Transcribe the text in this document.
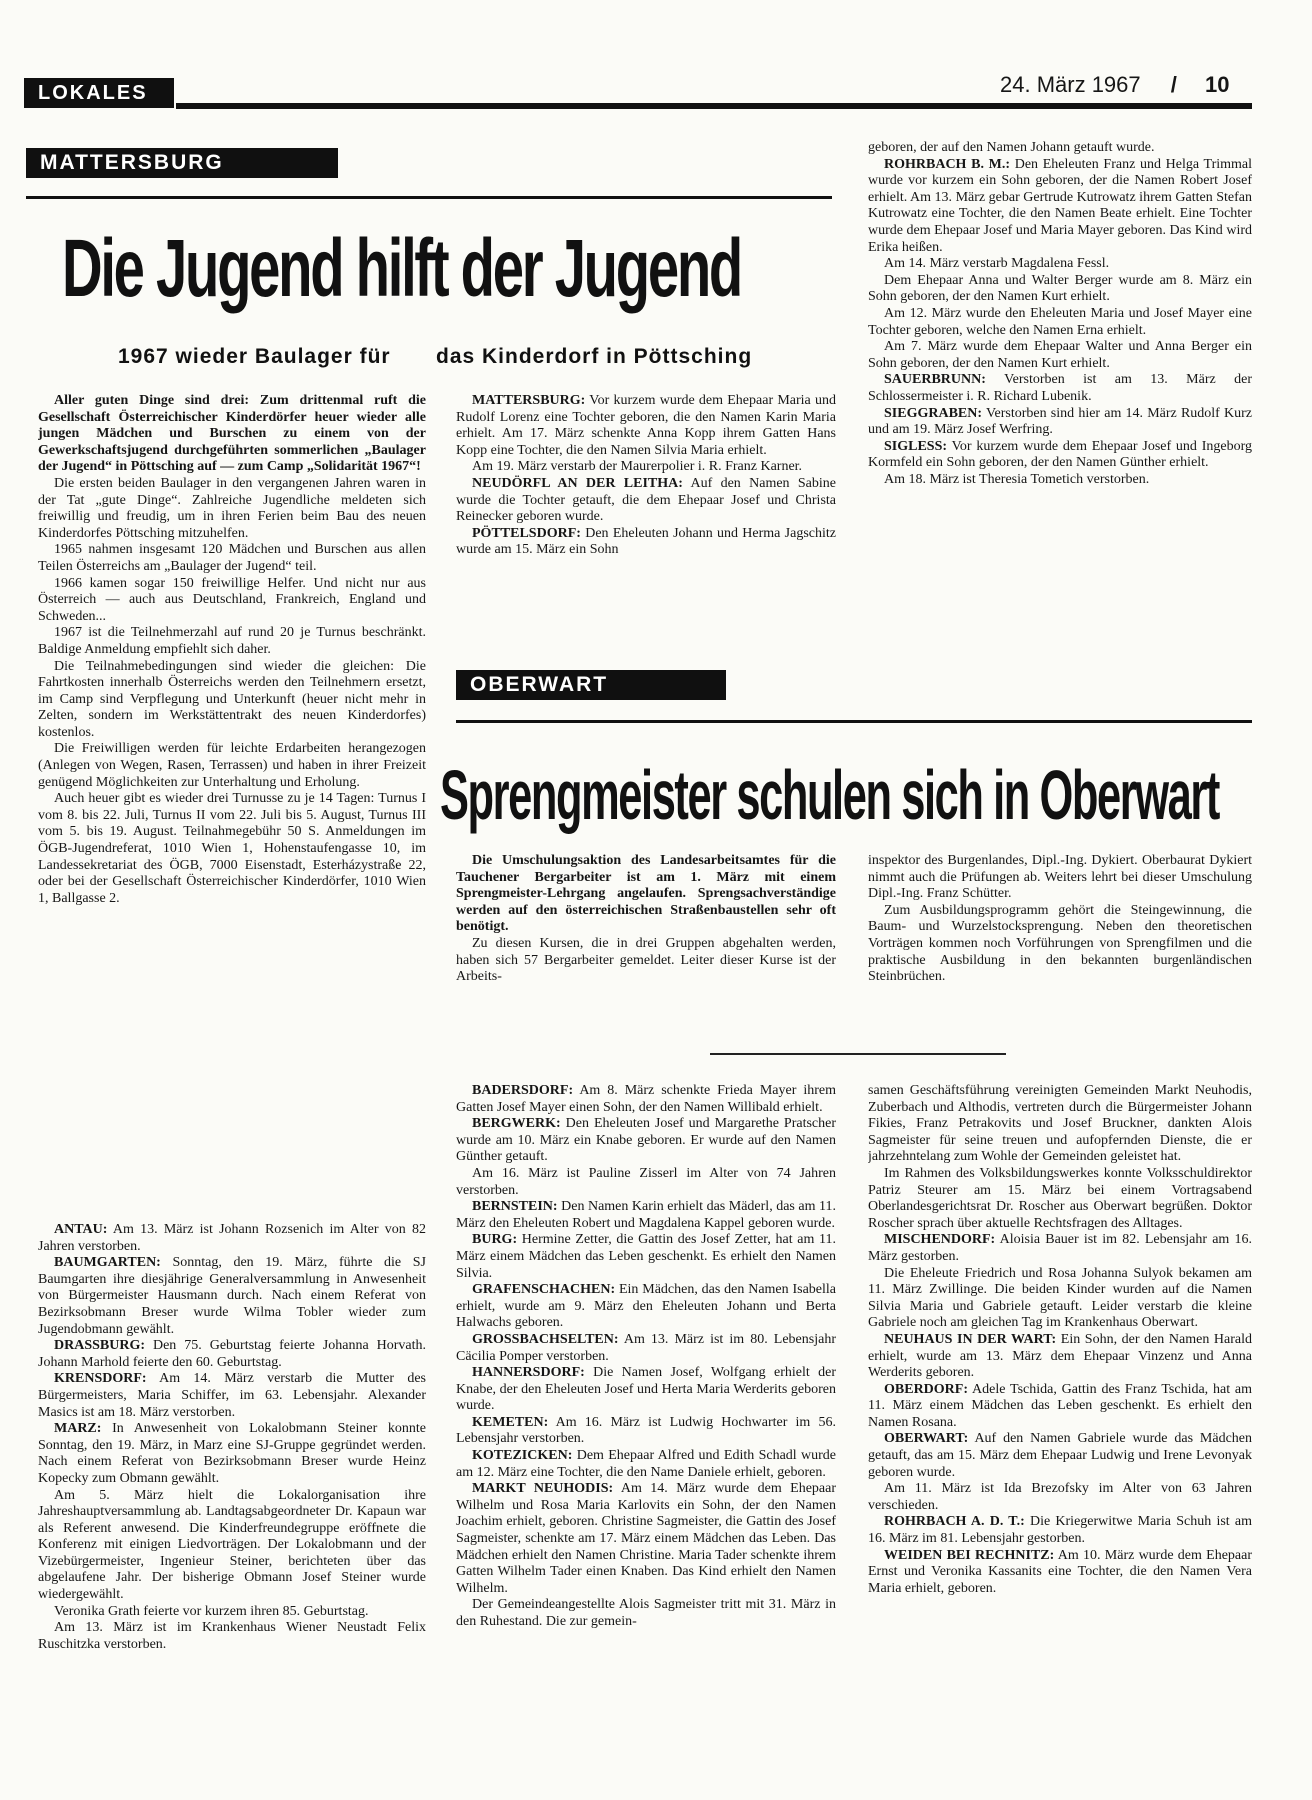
LOKALES	24. März 1967 / 10
MATTERSBURG
Die Jugend hilft der Jugend
1967 wieder Baulager für das Kinderdorf in Pöttsching

Aller guten Dinge sind drei: Zum drittenmal ruft die Gesellschaft Österreichischer Kinderdörfer heuer wieder alle jungen Mädchen und Burschen zu einem von der Gewerkschaftsjugend durchgeführten sommerlichen „Baulager der Jugend“ in Pöttsching auf — zum Camp „Solidarität 1967“!

Die ersten beiden Baulager in den vergangenen Jahren waren in der Tat „gute Dinge“. Zahlreiche Jugendliche meldeten sich freiwillig und freudig, um in ihren Ferien beim Bau des neuen Kinderdorfes Pöttsching mitzuhelfen.

1965 nahmen insgesamt 120 Mädchen und Burschen aus allen Teilen Österreichs am „Baulager der Jugend“ teil.

1966 kamen sogar 150 freiwillige Helfer. Und nicht nur aus Österreich — auch aus Deutschland, Frankreich, England und Schweden...

1967 ist die Teilnehmerzahl auf rund 20 je Turnus beschränkt. Baldige Anmeldung empfiehlt sich daher.

Die Teilnahmebedingungen sind wieder die gleichen: Die Fahrtkosten innerhalb Österreichs werden den Teilnehmern ersetzt, im Camp sind Verpflegung und Unterkunft (heuer nicht mehr in Zelten, sondern im Werkstättentrakt des neuen Kinderdorfes) kostenlos.

Die Freiwilligen werden für leichte Erdarbeiten herangezogen (Anlegen von Wegen, Rasen, Terrassen) und haben in ihrer Freizeit genügend Möglichkeiten zur Unterhaltung und Erholung.

Auch heuer gibt es wieder drei Turnusse zu je 14 Tagen: Turnus I vom 8. bis 22. Juli, Turnus II vom 22. Juli bis 5. August, Turnus III vom 5. bis 19. August. Teilnahmegebühr 50 S. Anmeldungen im ÖGB-Jugendreferat, 1010 Wien 1, Hohenstaufengasse 10, im Landessekretariat des ÖGB, 7000 Eisenstadt, Esterházystraße 22, oder bei der Gesellschaft Österreichischer Kinderdörfer, 1010 Wien 1, Ballgasse 2.

ANTAU: Am 13. März ist Johann Rozsenich im Alter von 82 Jahren verstorben.

BAUMGARTEN: Sonntag, den 19. März, führte die SJ Baumgarten ihre diesjährige Generalversammlung in Anwesenheit von Bürgermeister Hausmann durch. Nach einem Referat von Bezirksobmann Breser wurde Wilma Tobler wieder zum Jugendobmann gewählt.

DRASSBURG: Den 75. Geburtstag feierte Johanna Horvath. Johann Marhold feierte den 60. Geburtstag.

KRENSDORF: Am 14. März verstarb die Mutter des Bürgermeisters, Maria Schiffer, im 63. Lebensjahr. Alexander Masics ist am 18. März verstorben.

MARZ: In Anwesenheit von Lokalobmann Steiner konnte Sonntag, den 19. März, in Marz eine SJ-Gruppe gegründet werden. Nach einem Referat von Bezirksobmann Breser wurde Heinz Kopecky zum Obmann gewählt.

Am 5. März hielt die Lokalorganisation ihre Jahreshauptversammlung ab. Landtagsabgeordneter Dr. Kapaun war als Referent anwesend. Die Kinderfreundegruppe eröffnete die Konferenz mit einigen Liedvorträgen. Der Lokalobmann und der Vizebürgermeister, Ingenieur Steiner, berichteten über das abgelaufene Jahr. Der bisherige Obmann Josef Steiner wurde wiedergewählt.

Veronika Grath feierte vor kurzem ihren 85. Geburtstag.

Am 13. März ist im Krankenhaus Wiener Neustadt Felix Ruschitzka verstorben.

MATTERSBURG: Vor kurzem wurde dem Ehepaar Maria und Rudolf Lorenz eine Tochter geboren, die den Namen Karin Maria erhielt. Am 17. März schenkte Anna Kopp ihrem Gatten Hans Kopp eine Tochter, die den Namen Silvia Maria erhielt.

Am 19. März verstarb der Maurerpolier i. R. Franz Karner.

NEUDÖRFL AN DER LEITHA: Auf den Namen Sabine wurde die Tochter getauft, die dem Ehepaar Josef und Christa Reinecker geboren wurde.

PÖTTELSDORF: Den Eheleuten Johann und Herma Jagschitz wurde am 15. März ein Sohn

geboren, der auf den Namen Johann getauft wurde.

ROHRBACH B. M.: Den Eheleuten Franz und Helga Trimmal wurde vor kurzem ein Sohn geboren, der die Namen Robert Josef erhielt. Am 13. März gebar Gertrude Kutrowatz ihrem Gatten Stefan Kutrowatz eine Tochter, die den Namen Beate erhielt. Eine Tochter wurde dem Ehepaar Josef und Maria Mayer geboren. Das Kind wird Erika heißen.

Am 14. März verstarb Magdalena Fessl.

Dem Ehepaar Anna und Walter Berger wurde am 8. März ein Sohn geboren, der den Namen Kurt erhielt.

Am 12. März wurde den Eheleuten Maria und Josef Mayer eine Tochter geboren, welche den Namen Erna erhielt.

Am 7. März wurde dem Ehepaar Walter und Anna Berger ein Sohn geboren, der den Namen Kurt erhielt.

SAUERBRUNN: Verstorben ist am 13. März der Schlossermeister i. R. Richard Lubenik.

SIEGGRABEN: Verstorben sind hier am 14. März Rudolf Kurz und am 19. März Josef Werfring.

SIGLESS: Vor kurzem wurde dem Ehepaar Josef und Ingeborg Kormfeld ein Sohn geboren, der den Namen Günther erhielt.

Am 18. März ist Theresia Tometich verstorben.

OBERWART
Sprengmeister schulen sich in Oberwart

Die Umschulungsaktion des Landesarbeitsamtes für die Tauchener Bergarbeiter ist am 1. März mit einem Sprengmeister-Lehrgang angelaufen. Sprengsachverständige werden auf den österreichischen Straßenbaustellen sehr oft benötigt.

Zu diesen Kursen, die in drei Gruppen abgehalten werden, haben sich 57 Bergarbeiter gemeldet. Leiter dieser Kurse ist der Arbeits-

inspektor des Burgenlandes, Dipl.-Ing. Dykiert. Oberbaurat Dykiert nimmt auch die Prüfungen ab. Weiters lehrt bei dieser Umschulung Dipl.-Ing. Franz Schütter.

Zum Ausbildungsprogramm gehört die Steingewinnung, die Baum- und Wurzelstocksprengung. Neben den theoretischen Vorträgen kommen noch Vorführungen von Sprengfilmen und die praktische Ausbildung in den bekannten burgenländischen Steinbrüchen.

BADERSDORF: Am 8. März schenkte Frieda Mayer ihrem Gatten Josef Mayer einen Sohn, der den Namen Willibald erhielt.

BERGWERK: Den Eheleuten Josef und Margarethe Pratscher wurde am 10. März ein Knabe geboren. Er wurde auf den Namen Günther getauft.

Am 16. März ist Pauline Zisserl im Alter von 74 Jahren verstorben.

BERNSTEIN: Den Namen Karin erhielt das Mäderl, das am 11. März den Eheleuten Robert und Magdalena Kappel geboren wurde.

BURG: Hermine Zetter, die Gattin des Josef Zetter, hat am 11. März einem Mädchen das Leben geschenkt. Es erhielt den Namen Silvia.

GRAFENSCHACHEN: Ein Mädchen, das den Namen Isabella erhielt, wurde am 9. März den Eheleuten Johann und Berta Halwachs geboren.

GROSSBACHSELTEN: Am 13. März ist im 80. Lebensjahr Cäcilia Pomper verstorben.

HANNERSDORF: Die Namen Josef, Wolfgang erhielt der Knabe, der den Eheleuten Josef und Herta Maria Werderits geboren wurde.

KEMETEN: Am 16. März ist Ludwig Hochwarter im 56. Lebensjahr verstorben.

KOTEZICKEN: Dem Ehepaar Alfred und Edith Schadl wurde am 12. März eine Tochter, die den Name Daniele erhielt, geboren.

MARKT NEUHODIS: Am 14. März wurde dem Ehepaar Wilhelm und Rosa Maria Karlovits ein Sohn, der den Namen Joachim erhielt, geboren. Christine Sagmeister, die Gattin des Josef Sagmeister, schenkte am 17. März einem Mädchen das Leben. Das Mädchen erhielt den Namen Christine. Maria Tader schenkte ihrem Gatten Wilhelm Tader einen Knaben. Das Kind erhielt den Namen Wilhelm.

Der Gemeindeangestellte Alois Sagmeister tritt mit 31. März in den Ruhestand. Die zur gemein-

samen Geschäftsführung vereinigten Gemeinden Markt Neuhodis, Zuberbach und Althodis, vertreten durch die Bürgermeister Johann Fikies, Franz Petrakovits und Josef Bruckner, dankten Alois Sagmeister für seine treuen und aufopfernden Dienste, die er jahrzehntelang zum Wohle der Gemeinden geleistet hat.

Im Rahmen des Volksbildungswerkes konnte Volksschuldirektor Patriz Steurer am 15. März bei einem Vortragsabend Oberlandesgerichtsrat Dr. Roscher aus Oberwart begrüßen. Doktor Roscher sprach über aktuelle Rechtsfragen des Alltages.

MISCHENDORF: Aloisia Bauer ist im 82. Lebensjahr am 16. März gestorben.

Die Eheleute Friedrich und Rosa Johanna Sulyok bekamen am 11. März Zwillinge. Die beiden Kinder wurden auf die Namen Silvia Maria und Gabriele getauft. Leider verstarb die kleine Gabriele noch am gleichen Tag im Krankenhaus Oberwart.

NEUHAUS IN DER WART: Ein Sohn, der den Namen Harald erhielt, wurde am 13. März dem Ehepaar Vinzenz und Anna Werderits geboren.

OBERDORF: Adele Tschida, Gattin des Franz Tschida, hat am 11. März einem Mädchen das Leben geschenkt. Es erhielt den Namen Rosana.

OBERWART: Auf den Namen Gabriele wurde das Mädchen getauft, das am 15. März dem Ehepaar Ludwig und Irene Levonyak geboren wurde.

Am 11. März ist Ida Brezofsky im Alter von 63 Jahren verschieden.

ROHRBACH A. D. T.: Die Kriegerwitwe Maria Schuh ist am 16. März im 81. Lebensjahr gestorben.

WEIDEN BEI RECHNITZ: Am 10. März wurde dem Ehepaar Ernst und Veronika Kassanits eine Tochter, die den Namen Vera Maria erhielt, geboren.
